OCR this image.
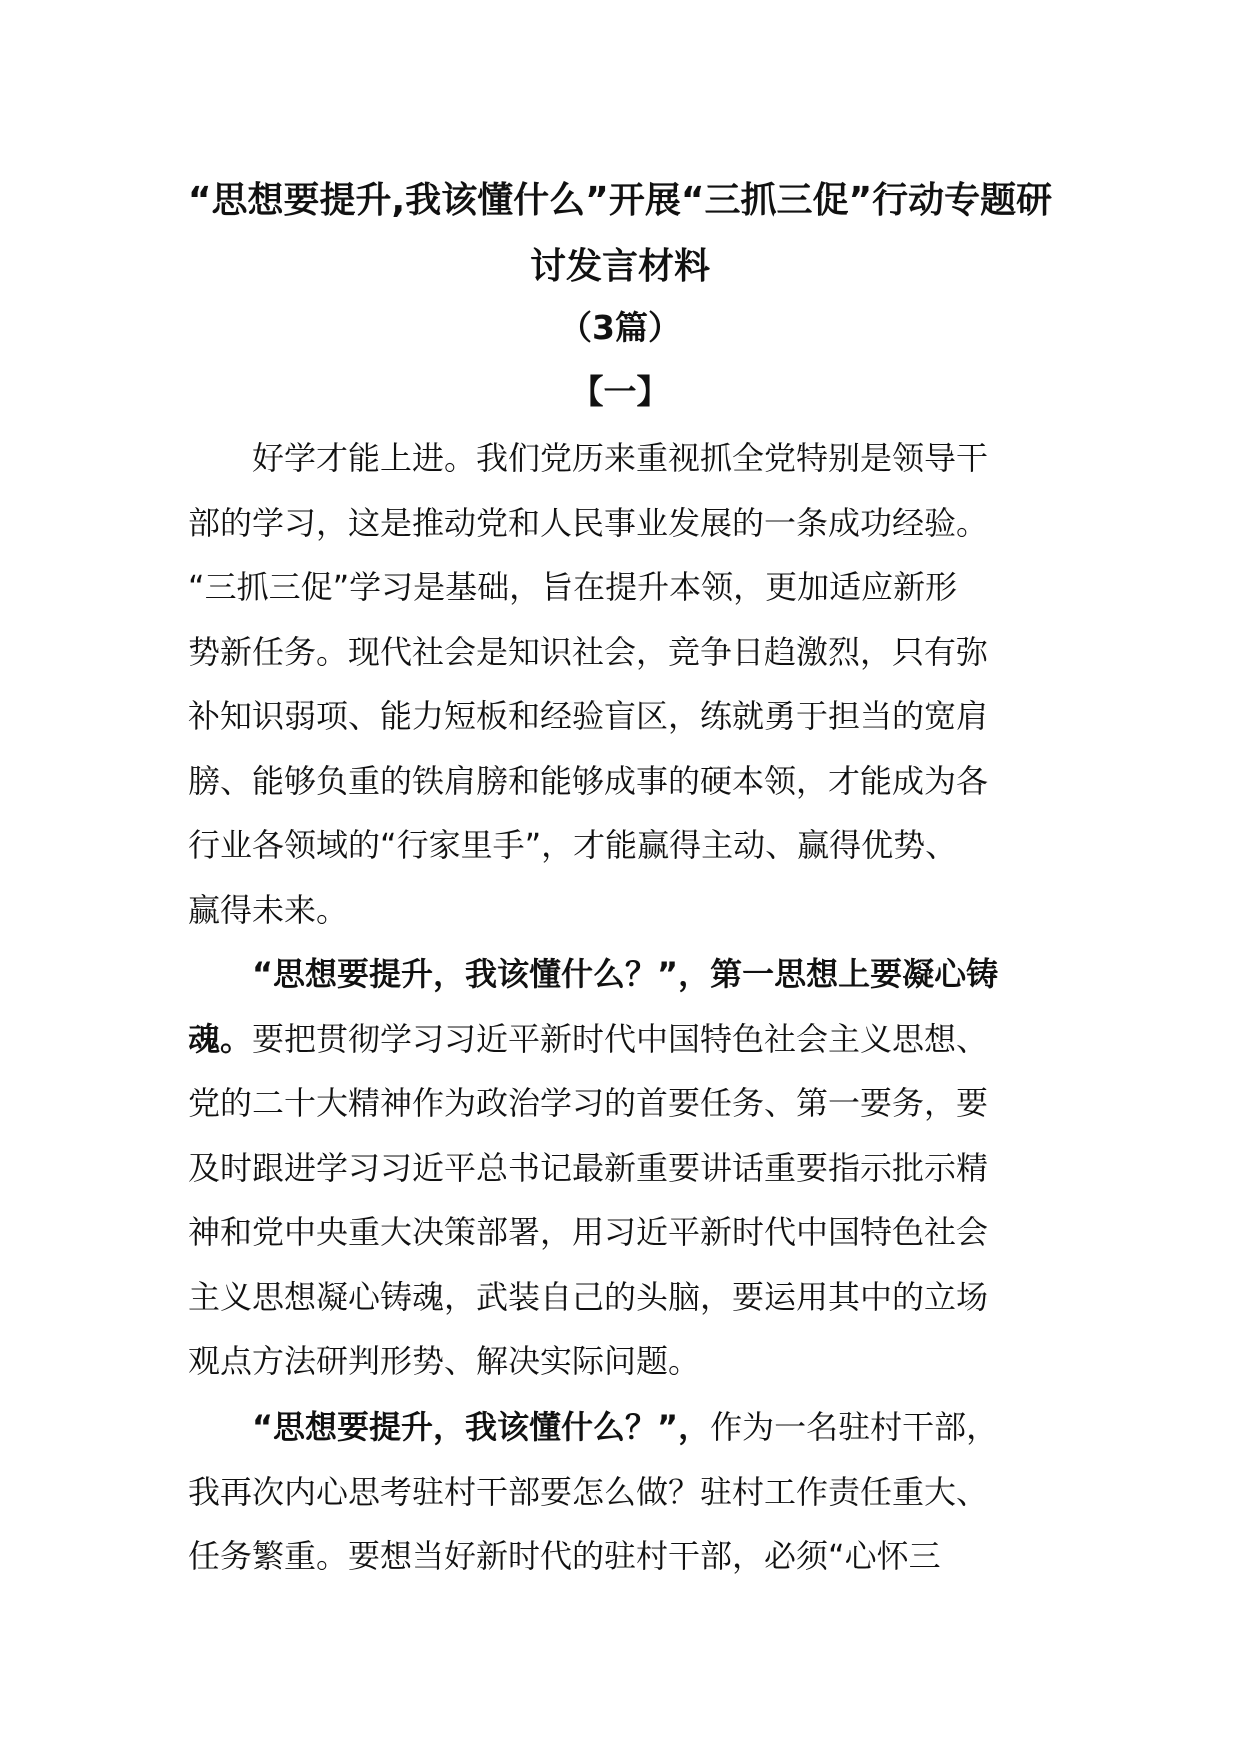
“思想要提升,我该懂什么”开展“三抓三促”行动专题研
讨发言材料
（3篇）
【一】
好学才能上进。我们党历来重视抓全党特别是领导干
部的学习，这是推动党和人民事业发展的一条成功经验。
“三抓三促”学习是基础，旨在提升本领，更加适应新形
势新任务。现代社会是知识社会，竞争日趋激烈，只有弥
补知识弱项、能力短板和经验盲区，练就勇于担当的宽肩
膀、能够负重的铁肩膀和能够成事的硬本领，才能成为各
行业各领域的“行家里手”，才能赢得主动、赢得优势、
赢得未来。
“思想要提升，我该懂什么？”，第一思想上要凝心铸
魂。要把贯彻学习习近平新时代中国特色社会主义思想、
党的二十大精神作为政治学习的首要任务、第一要务，要
及时跟进学习习近平总书记最新重要讲话重要指示批示精
神和党中央重大决策部署，用习近平新时代中国特色社会
主义思想凝心铸魂，武装自己的头脑，要运用其中的立场
观点方法研判形势、解决实际问题。
“思想要提升，我该懂什么？”，作为一名驻村干部，
我再次内心思考驻村干部要怎么做？驻村工作责任重大、
任务繁重。要想当好新时代的驻村干部，必须“心怀三
